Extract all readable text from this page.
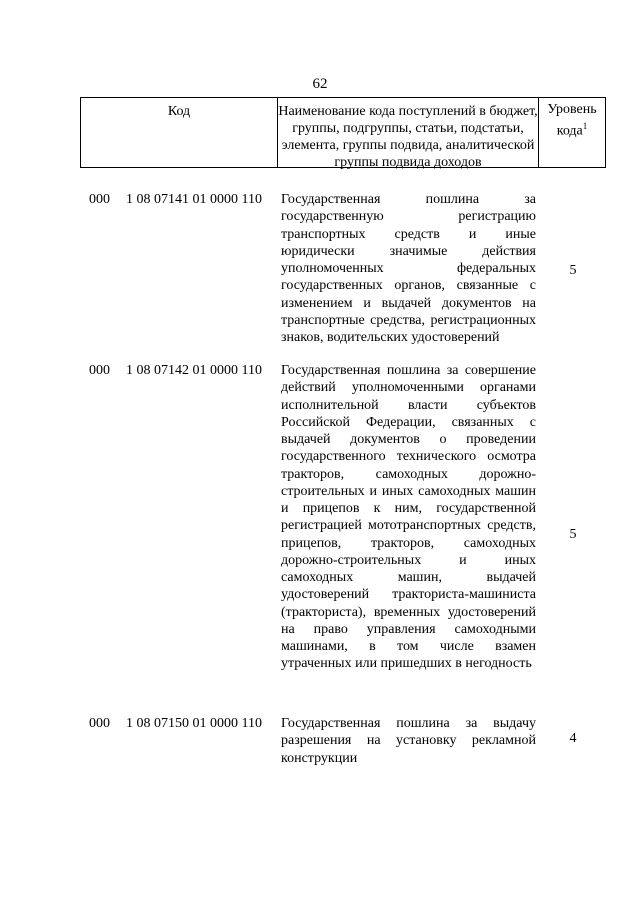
62
Код	Наименование кода поступлений в бюджет, группы, подгруппы, статьи, подстатьи, элемента, группы подвида, аналитической группы подвида доходов
Уровень кода$^1$
000 1 08 07141 01 0000 110 Государственная пошлина за государственную регистрацию транспортных средств и иные юридически значимые действия уполномоченных федеральных государственных органов, связанные с изменением и выдачей документов на транспортные средства, регистрационных знаков, водительских удостоверений
5
000 1 08 07142 01 0000 110 Государственная пошлина за совершение действий уполномоченными органами исполнительной власти субъектов Российской Федерации, связанных с выдачей документов о проведении государственного технического осмотра тракторов, самоходных дорожно-строительных и иных самоходных машин и прицепов к ним, государственной регистрацией мототранспортных средств, прицепов, тракторов, самоходных дорожно-строительных и иных самоходных машин, выдачей удостоверений тракториста-машиниста (тракториста), временных удостоверений на право управления самоходными машинами, в том числе взамен утраченных или пришедших в негодность
5
000 1 08 07150 01 0000 110 Государственная пошлина за выдачу разрешения на установку рекламной конструкции
4
